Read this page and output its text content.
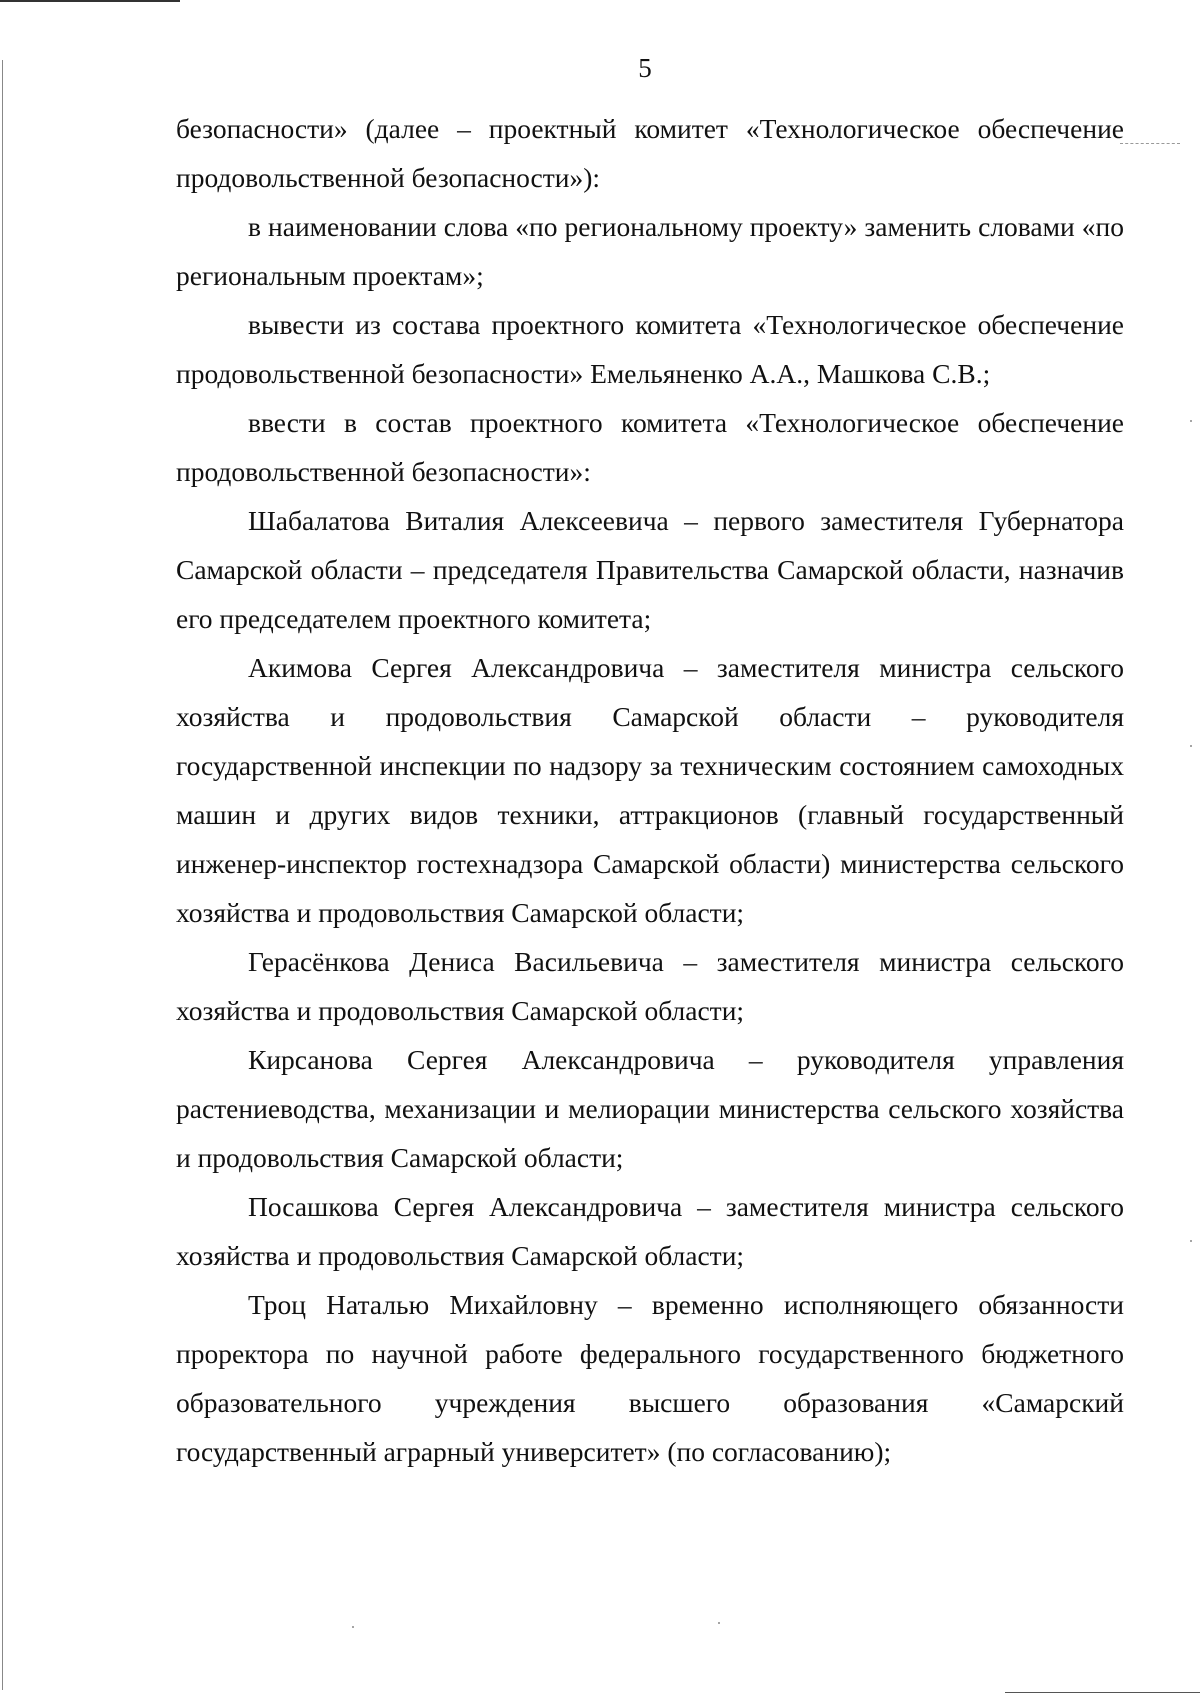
5

безопасности» (далее – проектный комитет «Технологическое обеспечение продовольственной безопасности»):

в наименовании слова «по региональному проекту» заменить словами «по региональным проектам»;

вывести из состава проектного комитета «Технологическое обеспечение продовольственной безопасности» Емельяненко А.А., Машкова С.В.;

ввести в состав проектного комитета «Технологическое обеспечение продовольственной безопасности»:

Шабалатова Виталия Алексеевича – первого заместителя Губернатора Самарской области – председателя Правительства Самарской области, назначив его председателем проектного комитета;

Акимова Сергея Александровича – заместителя министра сельского хозяйства и продовольствия Самарской области – руководителя государственной инспекции по надзору за техническим состоянием самоходных машин и других видов техники, аттракционов (главный государственный инженер-инспектор гостехнадзора Самарской области) министерства сельского хозяйства и продовольствия Самарской области;

Герасёнкова Дениса Васильевича – заместителя министра сельского хозяйства и продовольствия Самарской области;

Кирсанова Сергея Александровича – руководителя управления растениеводства, механизации и мелиорации министерства сельского хозяйства и продовольствия Самарской области;

Посашкова Сергея Александровича – заместителя министра сельского хозяйства и продовольствия Самарской области;

Троц Наталью Михайловну – временно исполняющего обязанности проректора по научной работе федерального государственного бюджетного образовательного учреждения высшего образования «Самарский государственный аграрный университет» (по согласованию);
